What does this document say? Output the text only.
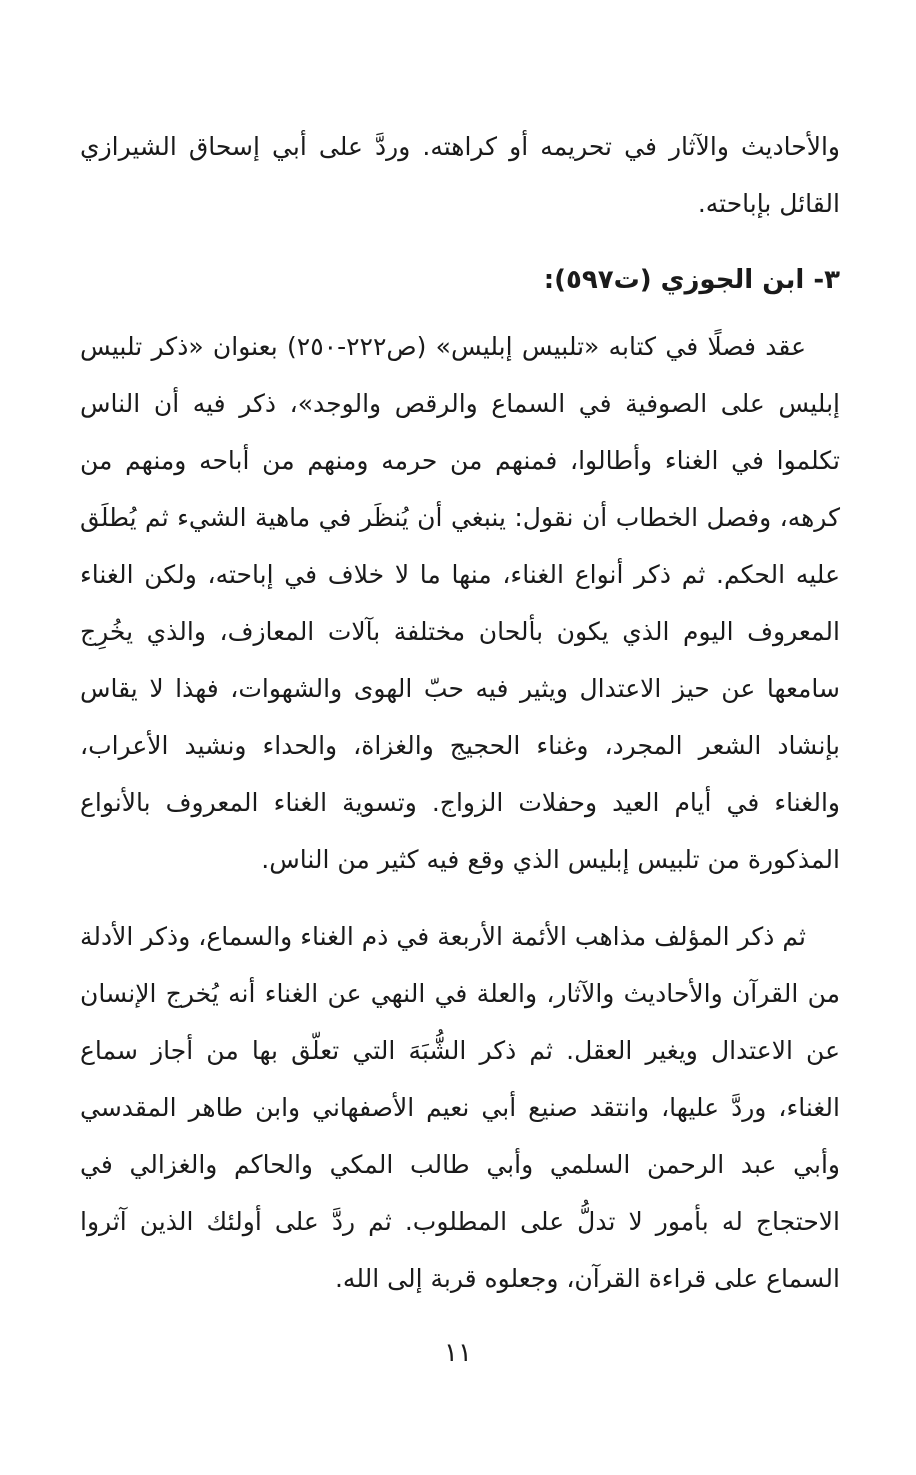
والأحاديث والآثار في تحريمه أو كراهته. وردَّ على أبي إسحاق الشيرازي القائل بإباحته.

٣- ابن الجوزي (ت٥٩٧):

عقد فصلًا في كتابه «تلبيس إبليس» (ص٢٢٢-٢٥٠) بعنوان «ذكر تلبيس إبليس على الصوفية في السماع والرقص والوجد»، ذكر فيه أن الناس تكلموا في الغناء وأطالوا، فمنهم من حرمه ومنهم من أباحه ومنهم من كرهه، وفصل الخطاب أن نقول: ينبغي أن يُنظَر في ماهية الشيء ثم يُطلَق عليه الحكم. ثم ذكر أنواع الغناء، منها ما لا خلاف في إباحته، ولكن الغناء المعروف اليوم الذي يكون بألحان مختلفة بآلات المعازف، والذي يخُرِج سامعها عن حيز الاعتدال ويثير فيه حبّ الهوى والشهوات، فهذا لا يقاس بإنشاد الشعر المجرد، وغناء الحجيج والغزاة، والحداء ونشيد الأعراب، والغناء في أيام العيد وحفلات الزواج. وتسوية الغناء المعروف بالأنواع المذكورة من تلبيس إبليس الذي وقع فيه كثير من الناس.

ثم ذكر المؤلف مذاهب الأئمة الأربعة في ذم الغناء والسماع، وذكر الأدلة من القرآن والأحاديث والآثار، والعلة في النهي عن الغناء أنه يُخرج الإنسان عن الاعتدال ويغير العقل. ثم ذكر الشُّبَهَ التي تعلّق بها من أجاز سماع الغناء، وردَّ عليها، وانتقد صنيع أبي نعيم الأصفهاني وابن طاهر المقدسي وأبي عبد الرحمن السلمي وأبي طالب المكي والحاكم والغزالي في الاحتجاج له بأمور لا تدلُّ على المطلوب. ثم ردَّ على أولئك الذين آثروا السماع على قراءة القرآن، وجعلوه قربة إلى الله.

١١
